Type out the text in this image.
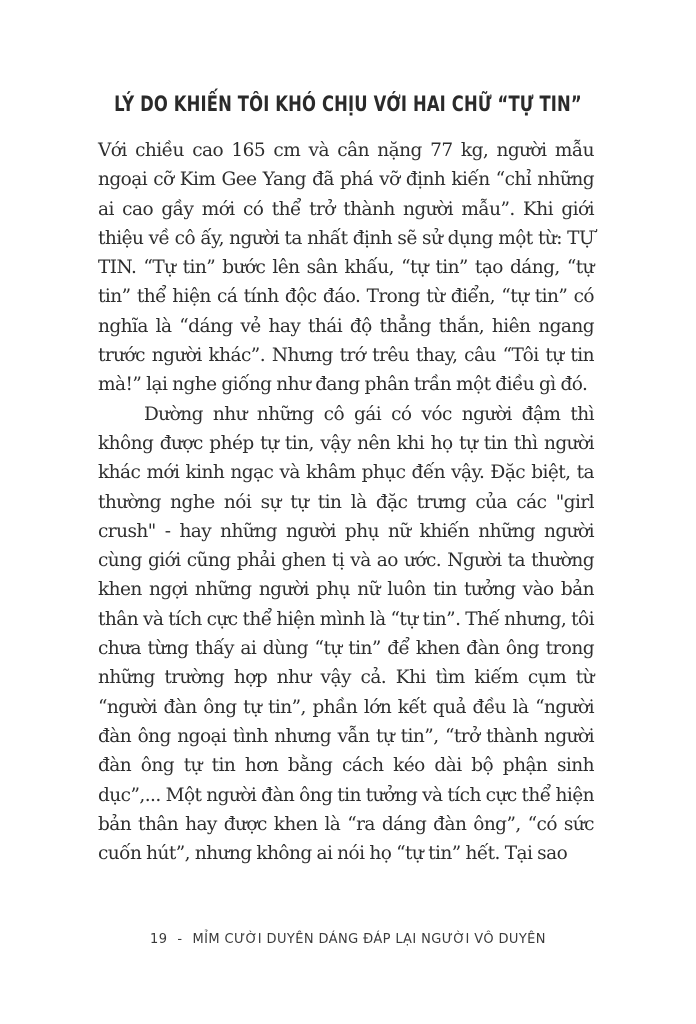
LÝ DO KHIẾN TÔI KHÓ CHỊU VỚI HAI CHỮ “TỰ TIN”

Với chiều cao 165 cm và cân nặng 77 kg, người mẫu ngoại cỡ Kim Gee Yang đã phá vỡ định kiến “chỉ những ai cao gầy mới có thể trở thành người mẫu”. Khi giới thiệu về cô ấy, người ta nhất định sẽ sử dụng một từ: TỰ TIN. “Tự tin” bước lên sân khấu, “tự tin” tạo dáng, “tự tin” thể hiện cá tính độc đáo. Trong từ điển, “tự tin” có nghĩa là “dáng vẻ hay thái độ thẳng thắn, hiên ngang trước người khác”. Nhưng trớ trêu thay, câu “Tôi tự tin mà!” lại nghe giống như đang phân trần một điều gì đó.

Dường như những cô gái có vóc người đậm thì không được phép tự tin, vậy nên khi họ tự tin thì người khác mới kinh ngạc và khâm phục đến vậy. Đặc biệt, ta thường nghe nói sự tự tin là đặc trưng của các "girl crush" - hay những người phụ nữ khiến những người cùng giới cũng phải ghen tị và ao ước. Người ta thường khen ngợi những người phụ nữ luôn tin tưởng vào bản thân và tích cực thể hiện mình là “tự tin”. Thế nhưng, tôi chưa từng thấy ai dùng “tự tin” để khen đàn ông trong những trường hợp như vậy cả. Khi tìm kiếm cụm từ “người đàn ông tự tin”, phần lớn kết quả đều là “người đàn ông ngoại tình nhưng vẫn tự tin”, “trở thành người đàn ông tự tin hơn bằng cách kéo dài bộ phận sinh dục”,... Một người đàn ông tin tưởng và tích cực thể hiện bản thân hay được khen là “ra dáng đàn ông”, “có sức cuốn hút”, nhưng không ai nói họ “tự tin” hết. Tại sao

19 - MỈM CƯỜI DUYÊN DÁNG ĐÁP LẠI NGƯỜI VÔ DUYÊN
